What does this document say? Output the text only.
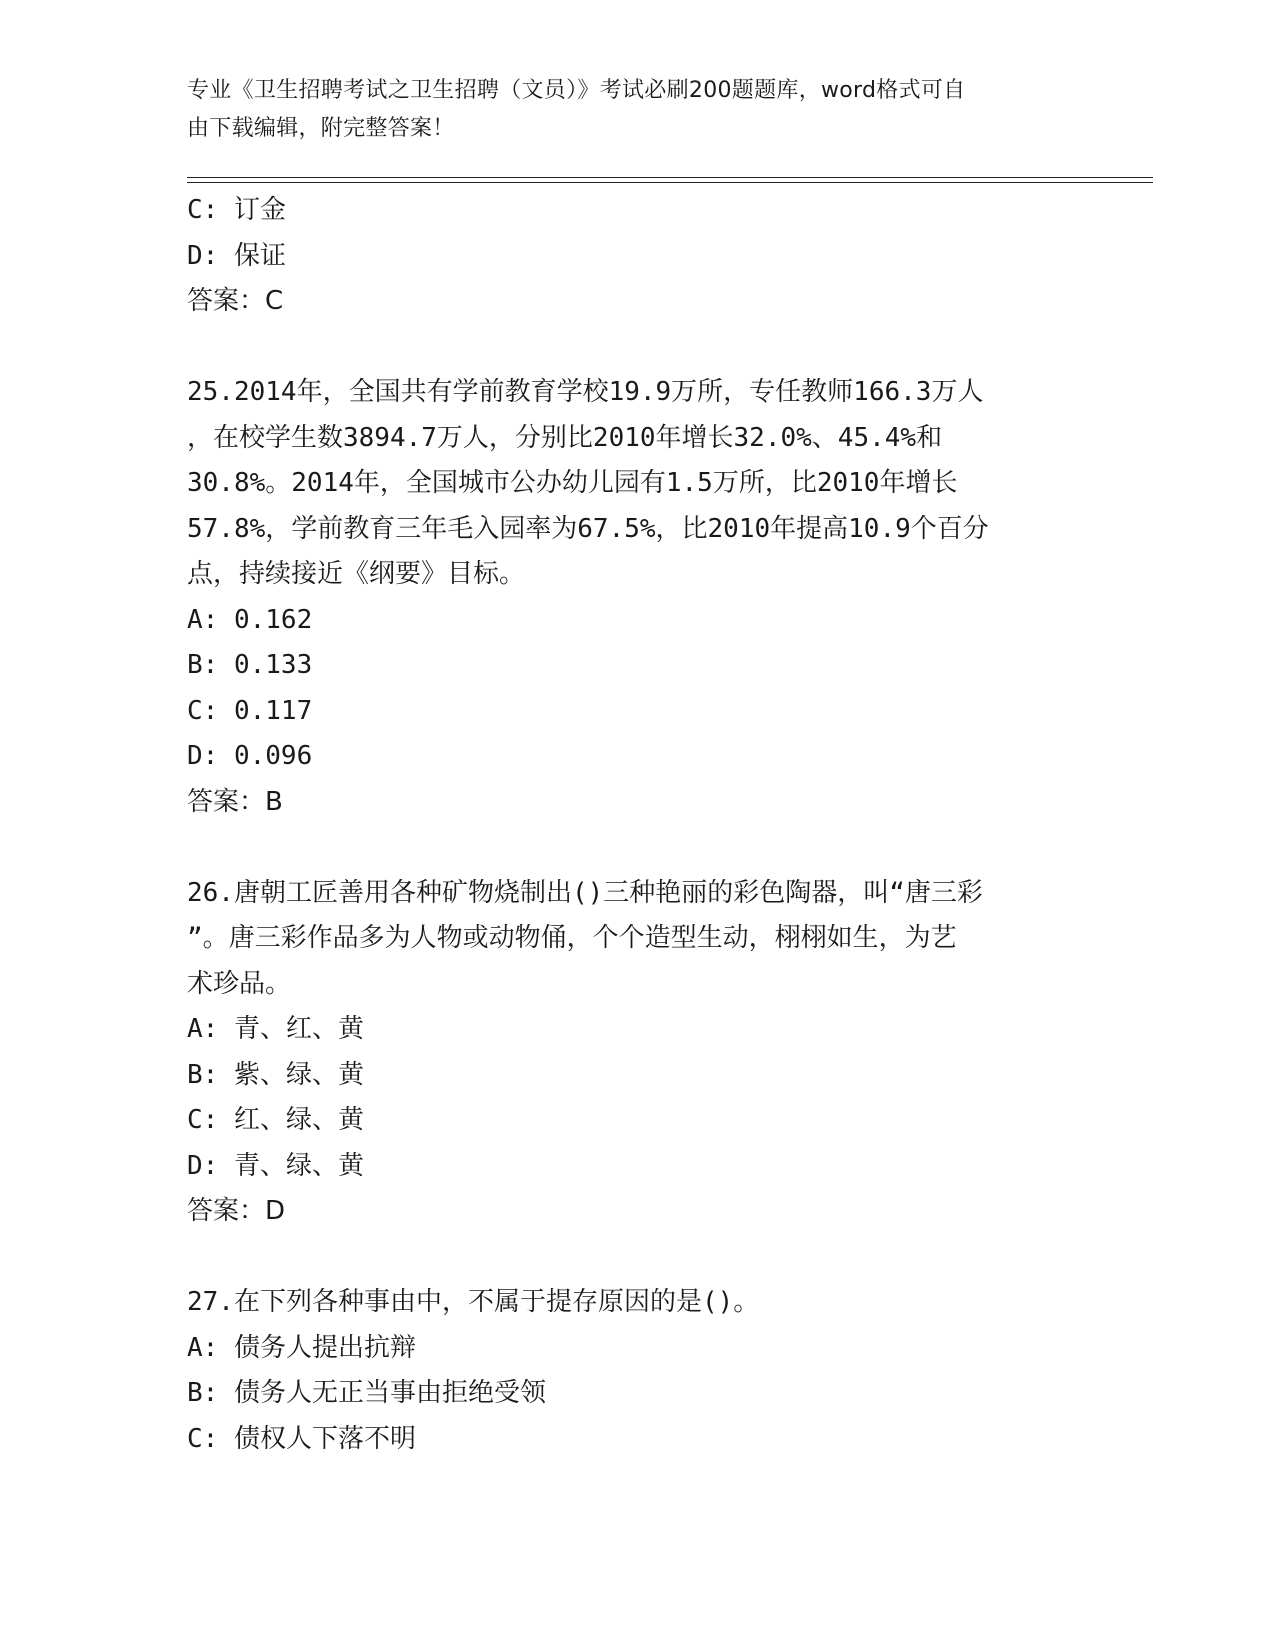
专业《卫生招聘考试之卫生招聘（文员）》考试必刷200题题库，word格式可自
由下载编辑，附完整答案！
C: 订金
D: 保证
答案：C
25.2014年，全国共有学前教育学校19.9万所，专任教师166.3万人
，在校学生数3894.7万人，分别比2010年增长32.0%、45.4%和
30.8%。2014年，全国城市公办幼儿园有1.5万所，比2010年增长
57.8%，学前教育三年毛入园率为67.5%，比2010年提高10.9个百分
点，持续接近《纲要》目标。
A: 0.162
B: 0.133
C: 0.117
D: 0.096
答案：B
26.唐朝工匠善用各种矿物烧制出()三种艳丽的彩色陶器，叫“唐三彩
”。唐三彩作品多为人物或动物俑，个个造型生动，栩栩如生，为艺
术珍品。
A: 青、红、黄
B: 紫、绿、黄
C: 红、绿、黄
D: 青、绿、黄
答案：D
27.在下列各种事由中，不属于提存原因的是()。
A: 债务人提出抗辩
B: 债务人无正当事由拒绝受领
C: 债权人下落不明
